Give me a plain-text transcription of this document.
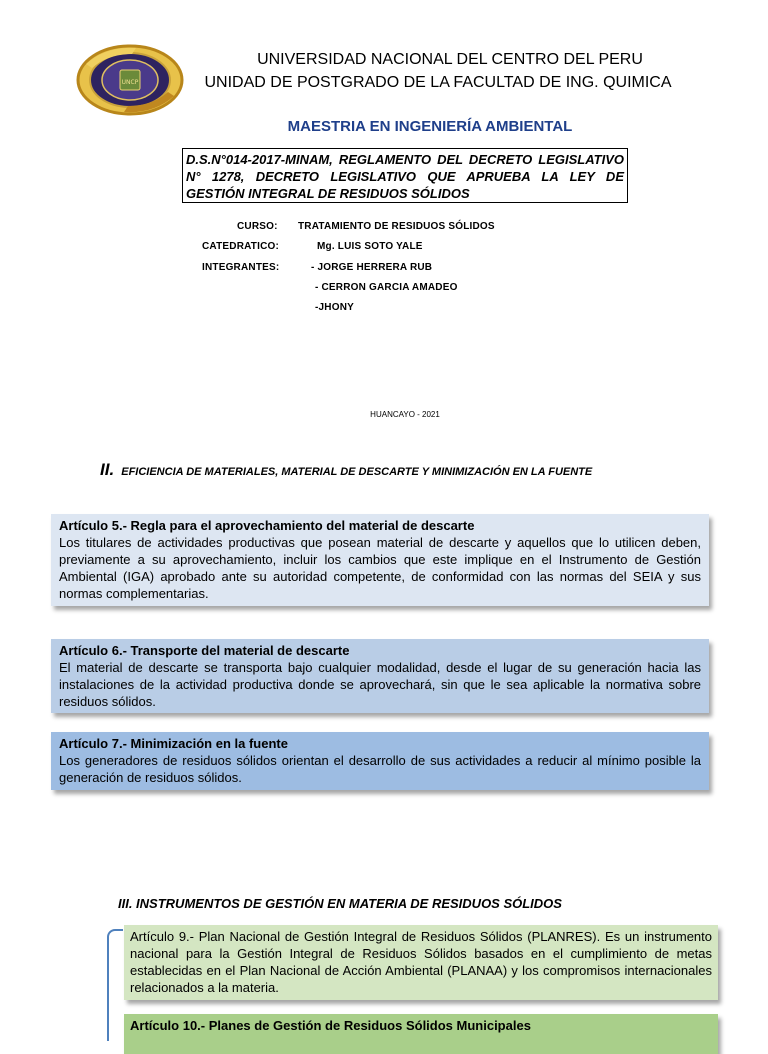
UNCP
UNIVERSIDAD NACIONAL DEL CENTRO DEL PERU
UNIDAD DE POSTGRADO DE LA FACULTAD DE ING. QUIMICA
MAESTRIA EN INGENIERÍA AMBIENTAL
D.S.N°014-2017-MINAM, REGLAMENTO DEL DECRETO LEGISLATIVO N° 1278, DECRETO LEGISLATIVO QUE APRUEBA LA LEY DE GESTIÓN INTEGRAL DE RESIDUOS SÓLIDOS
CURSO: TRATAMIENTO DE RESIDUOS SÓLIDOS
CATEDRATICO:	Mg. LUIS SOTO YALE
INTEGRANTES:	- JORGE HERRERA RUB
- CERRON GARCIA AMADEO
-JHONY
HUANCAYO - 2021
II. EFICIENCIA DE MATERIALES, MATERIAL DE DESCARTE Y MINIMIZACIÓN EN LA FUENTE
Artículo 5.- Regla para el aprovechamiento del material de descarte
Los titulares de actividades productivas que posean material de descarte y aquellos que lo utilicen deben, previamente a su aprovechamiento, incluir los cambios que este implique en el Instrumento de Gestión Ambiental (IGA) aprobado ante su autoridad competente, de conformidad con las normas del SEIA y sus normas complementarias.
Artículo 6.- Transporte del material de descarte
El material de descarte se transporta bajo cualquier modalidad, desde el lugar de su generación hacia las instalaciones de la actividad productiva donde se aprovechará, sin que le sea aplicable la normativa sobre residuos sólidos.
Artículo 7.- Minimización en la fuente
Los generadores de residuos sólidos orientan el desarrollo de sus actividades a reducir al mínimo posible la generación de residuos sólidos.
III. INSTRUMENTOS DE GESTIÓN EN MATERIA DE RESIDUOS SÓLIDOS
Artículo 9.- Plan Nacional de Gestión Integral de Residuos Sólidos (PLANRES). Es un instrumento nacional para la Gestión Integral de Residuos Sólidos basados en el cumplimiento de metas establecidas en el Plan Nacional de Acción Ambiental (PLANAA) y los compromisos internacionales relacionados a la materia.
Artículo 10.- Planes de Gestión de Residuos Sólidos Municipales
